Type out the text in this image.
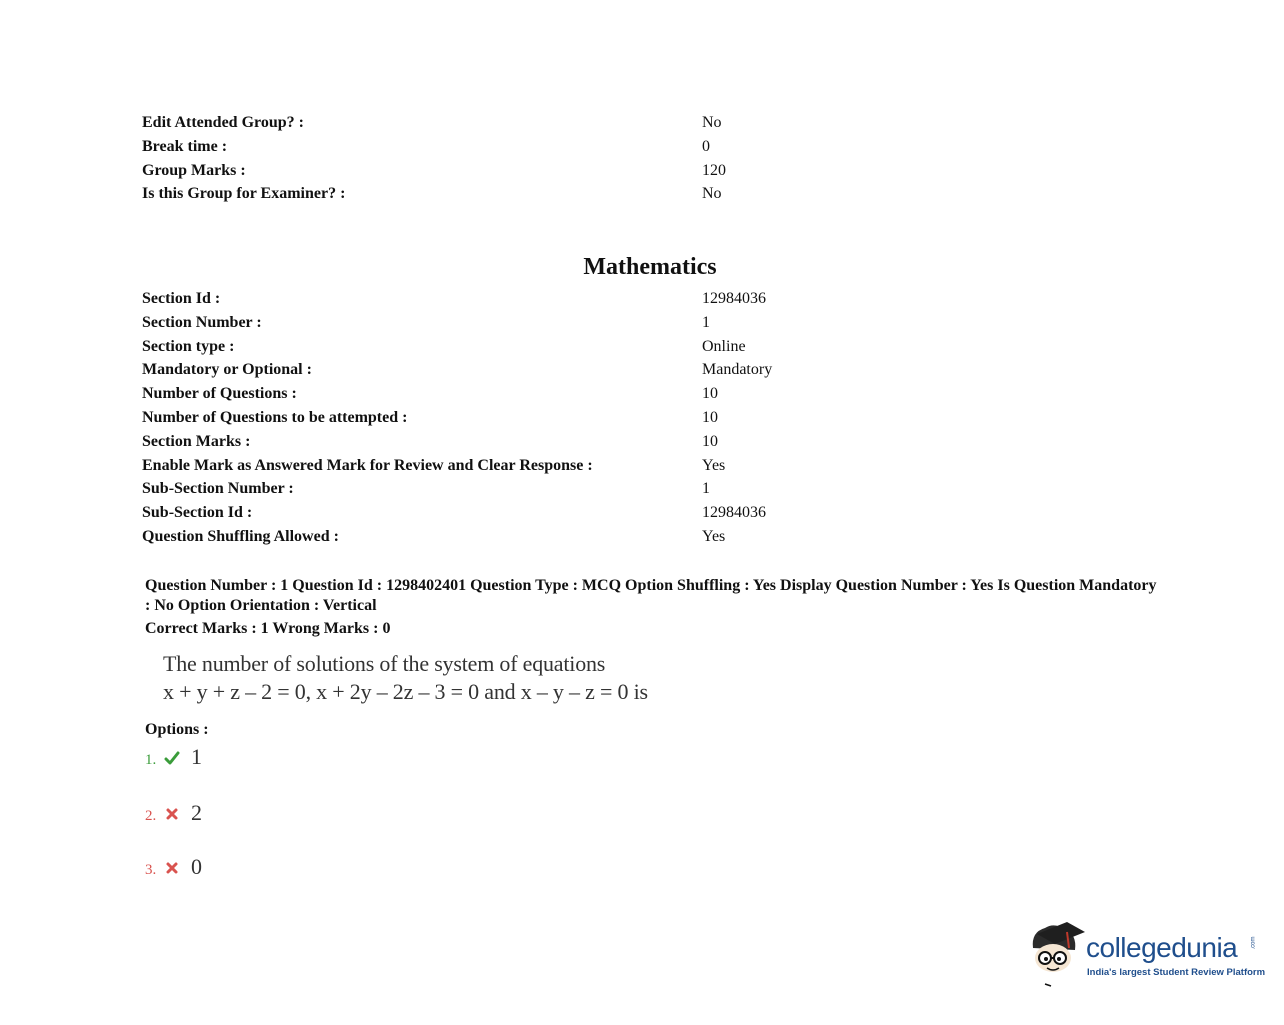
Edit Attended Group? :	No
Break time :	0
Group Marks :	120
Is this Group for Examiner? :	No
Mathematics
Section Id :	12984036
Section Number :	1
Section type :	Online
Mandatory or Optional :	Mandatory
Number of Questions :	10
Number of Questions to be attempted :	10
Section Marks :	10
Enable Mark as Answered Mark for Review and Clear Response :	Yes
Sub-Section Number :	1
Sub-Section Id :	12984036
Question Shuffling Allowed :	Yes
Question Number : 1 Question Id : 1298402401 Question Type : MCQ Option Shuffling : Yes Display Question Number : Yes Is Question Mandatory : No Option Orientation : Vertical
Correct Marks : 1 Wrong Marks : 0
The number of solutions of the system of equations
x + y + z – 2 = 0, x + 2y – 2z – 3 = 0 and x – y – z = 0 is
Options :
1. 1
2. 2
3. 0
collegedunia .com
India's largest Student Review Platform
